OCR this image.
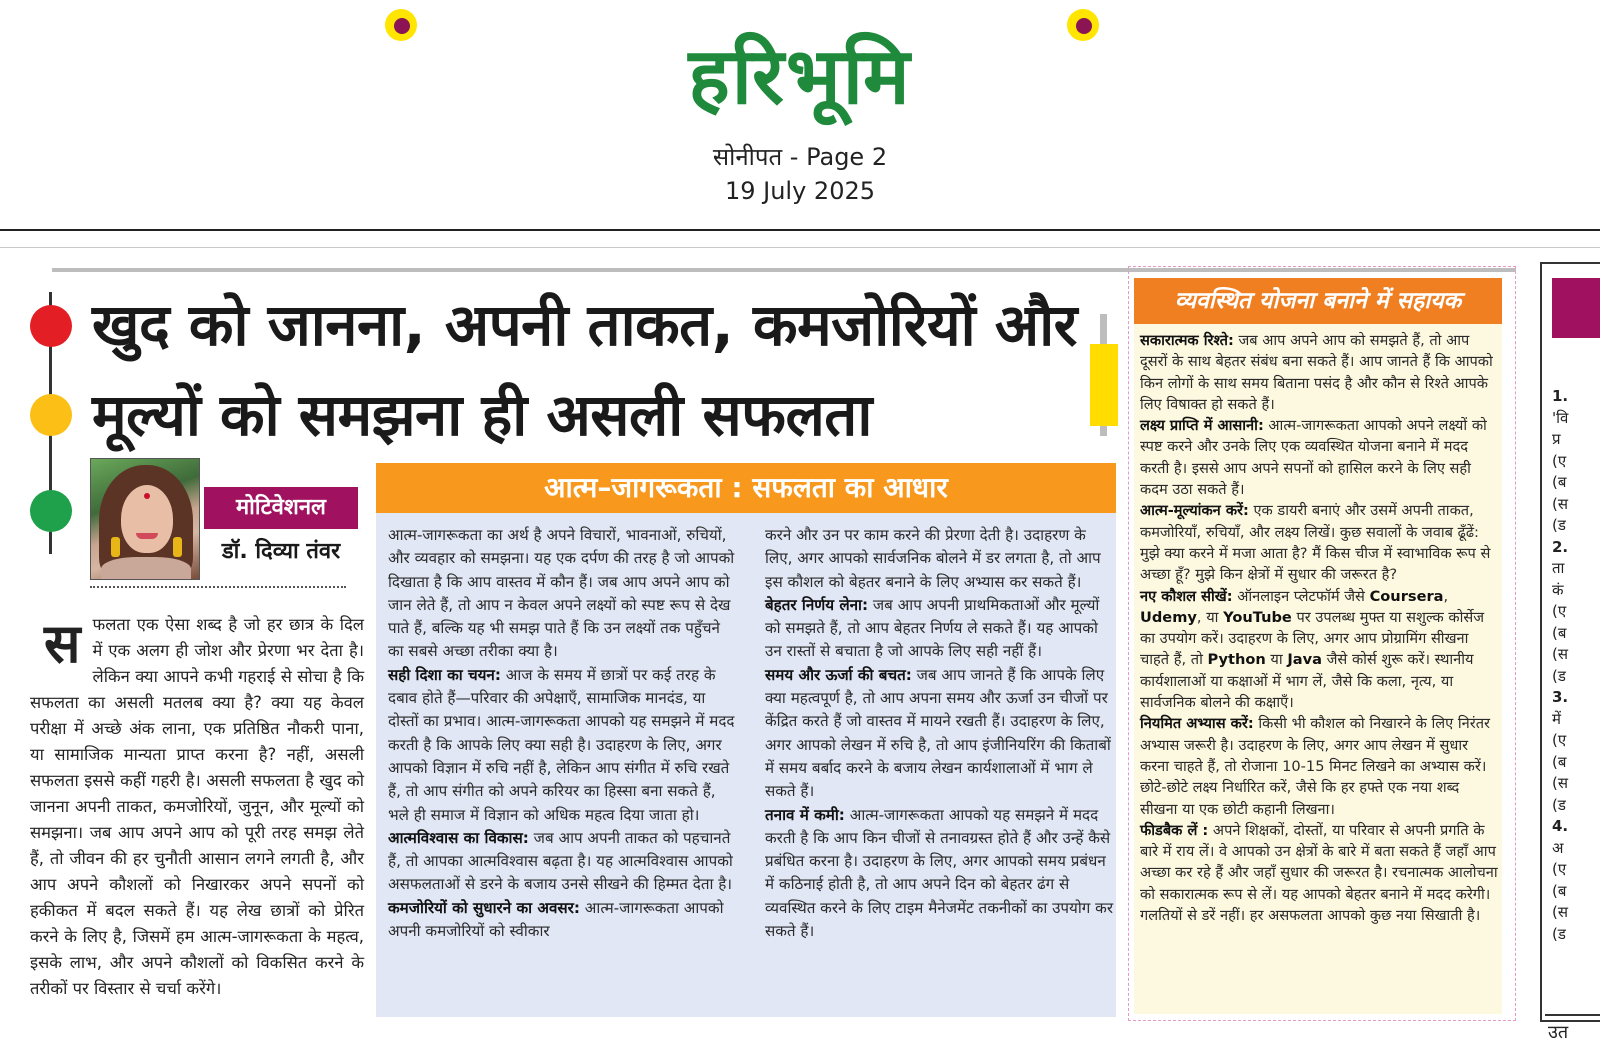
हरिभूमि
सोनीपत - Page 2
19 July 2025
खुद को जानना, अपनी ताकत, कमजोरियों और मूल्यों को समझना ही असली सफलता
मोटिवेशनल
डॉ. दिव्या तंवर
स फलता एक ऐसा शब्द है जो हर छात्र के दिल में एक अलग ही जोश और प्रेरणा भर देता है। लेकिन क्या आपने कभी गहराई से सोचा है कि सफलता का असली मतलब क्या है? क्या यह केवल परीक्षा में अच्छे अंक लाना, एक प्रतिष्ठित नौकरी पाना, या सामाजिक मान्यता प्राप्त करना है? नहीं, असली सफलता इससे कहीं गहरी है। असली सफलता है खुद को जानना अपनी ताकत, कमजोरियों, जुनून, और मूल्यों को समझना। जब आप अपने आप को पूरी तरह समझ लेते हैं, तो जीवन की हर चुनौती आसान लगने लगती है, और आप अपने कौशलों को निखारकर अपने सपनों को हकीकत में बदल सकते हैं। यह लेख छात्रों को प्रेरित करने के लिए है, जिसमें हम आत्म-जागरूकता के महत्व, इसके लाभ, और अपने कौशलों को विकसित करने के तरीकों पर विस्तार से चर्चा करेंगे।
आत्म–जागरूकता : सफलता का आधार

आत्म-जागरूकता का अर्थ है अपने विचारों, भावनाओं, रुचियों, और व्यवहार को समझना। यह एक दर्पण की तरह है जो आपको दिखाता है कि आप वास्तव में कौन हैं। जब आप अपने आप को जान लेते हैं, तो आप न केवल अपने लक्ष्यों को स्पष्ट रूप से देख पाते हैं, बल्कि यह भी समझ पाते हैं कि उन लक्ष्यों तक पहुँचने का सबसे अच्छा तरीका क्या है।

सही दिशा का चयन: आज के समय में छात्रों पर कई तरह के दबाव होते हैं—परिवार की अपेक्षाएँ, सामाजिक मानदंड, या दोस्तों का प्रभाव। आत्म-जागरूकता आपको यह समझने में मदद करती है कि आपके लिए क्या सही है। उदाहरण के लिए, अगर आपको विज्ञान में रुचि नहीं है, लेकिन आप संगीत में रुचि रखते हैं, तो आप संगीत को अपने करियर का हिस्सा बना सकते हैं, भले ही समाज में विज्ञान को अधिक महत्व दिया जाता हो।

आत्मविश्वास का विकास: जब आप अपनी ताकत को पहचानते हैं, तो आपका आत्मविश्वास बढ़ता है। यह आत्मविश्वास आपको असफलताओं से डरने के बजाय उनसे सीखने की हिम्मत देता है।

कमजोरियों को सुधारने का अवसर: आत्म-जागरूकता आपको अपनी कमजोरियों को स्वीकार

करने और उन पर काम करने की प्रेरणा देती है। उदाहरण के लिए, अगर आपको सार्वजनिक बोलने में डर लगता है, तो आप इस कौशल को बेहतर बनाने के लिए अभ्यास कर सकते हैं।

बेहतर निर्णय लेना: जब आप अपनी प्राथमिकताओं और मूल्यों को समझते हैं, तो आप बेहतर निर्णय ले सकते हैं। यह आपको उन रास्तों से बचाता है जो आपके लिए सही नहीं हैं।

समय और ऊर्जा की बचत: जब आप जानते हैं कि आपके लिए क्या महत्वपूर्ण है, तो आप अपना समय और ऊर्जा उन चीजों पर केंद्रित करते हैं जो वास्तव में मायने रखती हैं। उदाहरण के लिए, अगर आपको लेखन में रुचि है, तो आप इंजीनियरिंग की किताबों में समय बर्बाद करने के बजाय लेखन कार्यशालाओं में भाग ले सकते हैं।

तनाव में कमी: आत्म-जागरूकता आपको यह समझने में मदद करती है कि आप किन चीजों से तनावग्रस्त होते हैं और उन्हें कैसे प्रबंधित करना है। उदाहरण के लिए, अगर आपको समय प्रबंधन में कठिनाई होती है, तो आप अपने दिन को बेहतर ढंग से व्यवस्थित करने के लिए टाइम मैनेजमेंट तकनीकों का उपयोग कर सकते हैं।

व्यवस्थित योजना बनाने में सहायक

सकारात्मक रिश्ते: जब आप अपने आप को समझते हैं, तो आप दूसरों के साथ बेहतर संबंध बना सकते हैं। आप जानते हैं कि आपको किन लोगों के साथ समय बिताना पसंद है और कौन से रिश्ते आपके लिए विषाक्त हो सकते हैं।

लक्ष्य प्राप्ति में आसानी: आत्म-जागरूकता आपको अपने लक्ष्यों को स्पष्ट करने और उनके लिए एक व्यवस्थित योजना बनाने में मदद करती है। इससे आप अपने सपनों को हासिल करने के लिए सही कदम उठा सकते हैं।

आत्म-मूल्यांकन करें: एक डायरी बनाएं और उसमें अपनी ताकत, कमजोरियाँ, रुचियाँ, और लक्ष्य लिखें। कुछ सवालों के जवाब ढूँढें: मुझे क्या करने में मजा आता है? मैं किस चीज में स्वाभाविक रूप से अच्छा हूँ? मुझे किन क्षेत्रों में सुधार की जरूरत है?

नए कौशल सीखें: ऑनलाइन प्लेटफॉर्म जैसे Coursera, Udemy, या YouTube पर उपलब्ध मुफ्त या सशुल्क कोर्सेज का उपयोग करें। उदाहरण के लिए, अगर आप प्रोग्रामिंग सीखना चाहते हैं, तो Python या Java जैसे कोर्स शुरू करें। स्थानीय कार्यशालाओं या कक्षाओं में भाग लें, जैसे कि कला, नृत्य, या सार्वजनिक बोलने की कक्षाएँ।

नियमित अभ्यास करें: किसी भी कौशल को निखारने के लिए निरंतर अभ्यास जरूरी है। उदाहरण के लिए, अगर आप लेखन में सुधार करना चाहते हैं, तो रोजाना 10-15 मिनट लिखने का अभ्यास करें। छोटे-छोटे लक्ष्य निर्धारित करें, जैसे कि हर हफ्ते एक नया शब्द सीखना या एक छोटी कहानी लिखना।

फीडबैक लें : अपने शिक्षकों, दोस्तों, या परिवार से अपनी प्रगति के बारे में राय लें। वे आपको उन क्षेत्रों के बारे में बता सकते हैं जहाँ आप अच्छा कर रहे हैं और जहाँ सुधार की जरूरत है। रचनात्मक आलोचना को सकारात्मक रूप से लें। यह आपको बेहतर बनाने में मदद करेगी। गलतियों से डरें नहीं। हर असफलता आपको कुछ नया सिखाती है।

1.
'वि
प्र
(ए
(ब
(स
(ड
2.
ता
कं
(ए
(ब
(स
(ड
3.
में
(ए
(ब
(स
(ड
4.
अ
(ए
(ब
(स
(ड
उत
